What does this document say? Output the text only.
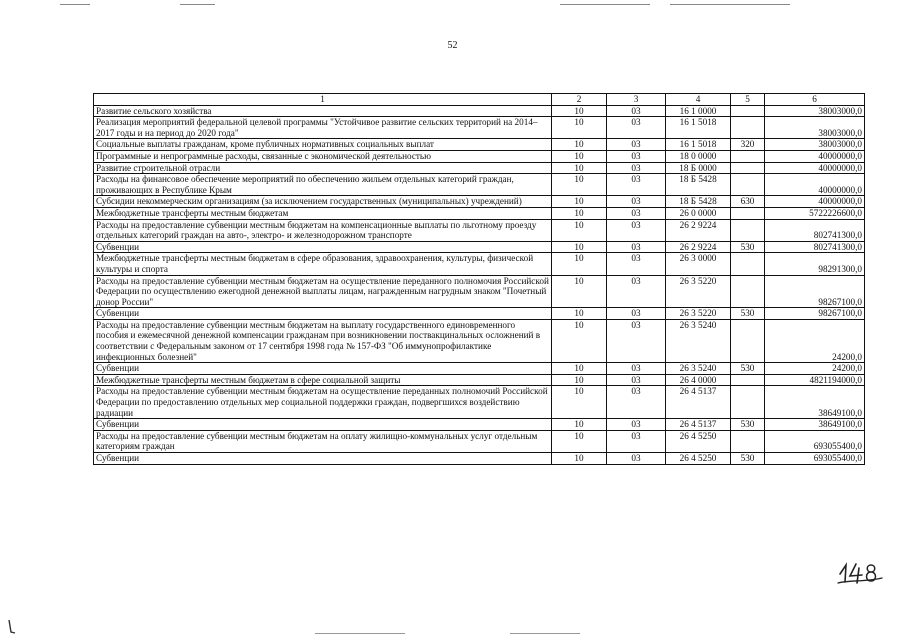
52
1	2	3	4	5	6
Развитие сельского хозяйства	10	03	16 1 0000		38003000,0
Реализация мероприятий федеральной целевой программы "Устойчивое развитие сельских территорий на 2014–2017 годы и на период до 2020 года"	10	03	16 1 5018		38003000,0
Социальные выплаты гражданам, кроме публичных нормативных социальных выплат	10	03	16 1 5018	320	38003000,0
Программные и непрограммные расходы, связанные с экономической деятельностью	10	03	18 0 0000		40000000,0
Развитие строительной отрасли	10	03	18 Б 0000		40000000,0
Расходы на финансовое обеспечение мероприятий по обеспечению жильем отдельных категорий граждан, проживающих в Республике Крым	10	03	18 Б 5428		40000000,0
Субсидии некоммерческим организациям (за исключением государственных (муниципальных) учреждений)	10	03	18 Б 5428	630	40000000,0
Межбюджетные трансферты местным бюджетам	10	03	26 0 0000		5722226600,0
Расходы на предоставление субвенции местным бюджетам на компенсационные выплаты по льготному проезду отдельных категорий граждан на авто-, электро- и железнодорожном транспорте	10	03	26 2 9224		802741300,0
Субвенции	10	03	26 2 9224	530	802741300,0
Межбюджетные трансферты местным бюджетам в сфере образования, здравоохранения, культуры, физической культуры и спорта	10	03	26 3 0000		98291300,0
Расходы на предоставление субвенции местным бюджетам на осуществление переданного полномочия Российской Федерации по осуществлению ежегодной денежной выплаты лицам, награжденным нагрудным знаком "Почетный донор России"	10	03	26 3 5220		98267100,0
Субвенции	10	03	26 3 5220	530	98267100,0
Расходы на предоставление субвенции местным бюджетам на выплату государственного единовременного пособия и ежемесячной денежной компенсации гражданам при возникновении поствакцинальных осложнений в соответствии с Федеральным законом от 17 сентября 1998 года № 157-ФЗ "Об иммунопрофилактике инфекционных болезней"	10	03	26 3 5240		24200,0
Субвенции	10	03	26 3 5240	530	24200,0
Межбюджетные трансферты местным бюджетам в сфере социальной защиты	10	03	26 4 0000		4821194000,0
Расходы на предоставление субвенции местным бюджетам на осуществление переданных полномочий Российской Федерации по предоставлению отдельных мер социальной поддержки граждан, подвергшихся воздействию радиации	10	03	26 4 5137		38649100,0
Субвенции	10	03	26 4 5137	530	38649100,0
Расходы на предоставление субвенции местным бюджетам на оплату жилищно-коммунальных услуг отдельным категориям граждан	10	03	26 4 5250		693055400,0
Субвенции	10	03	26 4 5250	530	693055400,0
